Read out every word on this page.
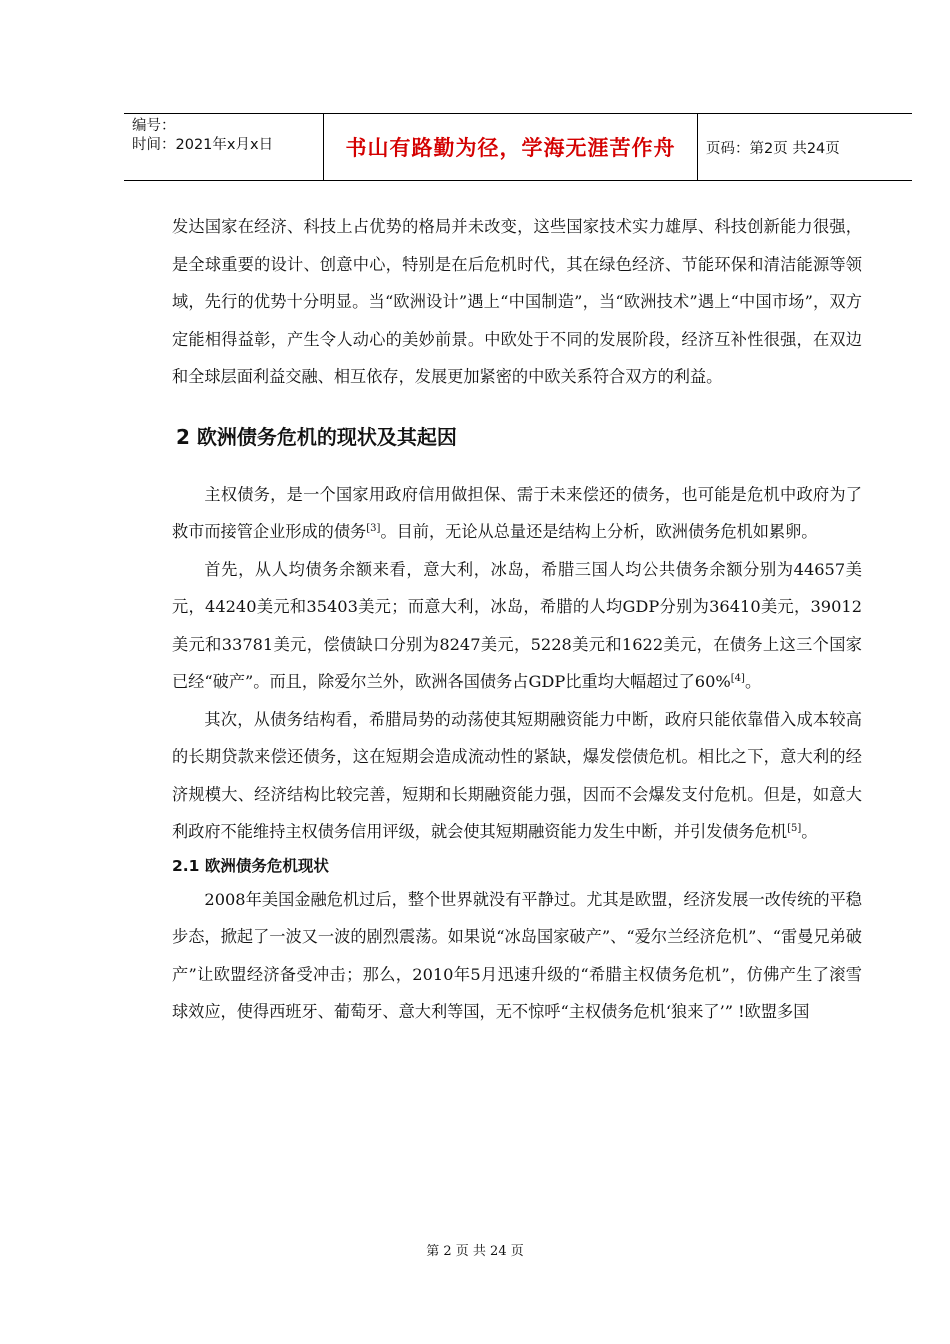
编号：
时间：2021年x月x日	书山有路勤为径，学海无涯苦作舟	页码：第2页 共24页

发达国家在经济、科技上占优势的格局并未改变，这些国家技术实力雄厚、科技创新能力很强，是全球重要的设计、创意中心，特别是在后危机时代，其在绿色经济、节能环保和清洁能源等领域，先行的优势十分明显。当“欧洲设计”遇上“中国制造”，当“欧洲技术”遇上“中国市场”，双方定能相得益彰，产生令人动心的美妙前景。中欧处于不同的发展阶段，经济互补性很强，在双边和全球层面利益交融、相互依存，发展更加紧密的中欧关系符合双方的利益。

2 欧洲债务危机的现状及其起因

主权债务，是一个国家用政府信用做担保、需于未来偿还的债务，也可能是危机中政府为了救市而接管企业形成的债务[3]。目前，无论从总量还是结构上分析，欧洲债务危机如累卵。

首先，从人均债务余额来看，意大利，冰岛，希腊三国人均公共债务余额分别为44657美元，44240美元和35403美元；而意大利，冰岛，希腊的人均GDP分别为36410美元，39012美元和33781美元，偿债缺口分别为8247美元，5228美元和1622美元，在债务上这三个国家已经“破产”。而且，除爱尔兰外，欧洲各国债务占GDP比重均大幅超过了60%[4]。

其次，从债务结构看，希腊局势的动荡使其短期融资能力中断，政府只能依靠借入成本较高的长期贷款来偿还债务，这在短期会造成流动性的紧缺，爆发偿债危机。相比之下，意大利的经济规模大、经济结构比较完善，短期和长期融资能力强，因而不会爆发支付危机。但是，如意大利政府不能维持主权债务信用评级，就会使其短期融资能力发生中断，并引发债务危机[5]。

2.1 欧洲债务危机现状

2008年美国金融危机过后，整个世界就没有平静过。尤其是欧盟，经济发展一改传统的平稳步态，掀起了一波又一波的剧烈震荡。如果说“冰岛国家破产”、“爱尔兰经济危机”、“雷曼兄弟破产”让欧盟经济备受冲击；那么，2010年5月迅速升级的“希腊主权债务危机”，仿佛产生了滚雪球效应，使得西班牙、葡萄牙、意大利等国，无不惊呼“主权债务危机‘狼来了’” !欧盟多国

第 2 页 共 24 页
